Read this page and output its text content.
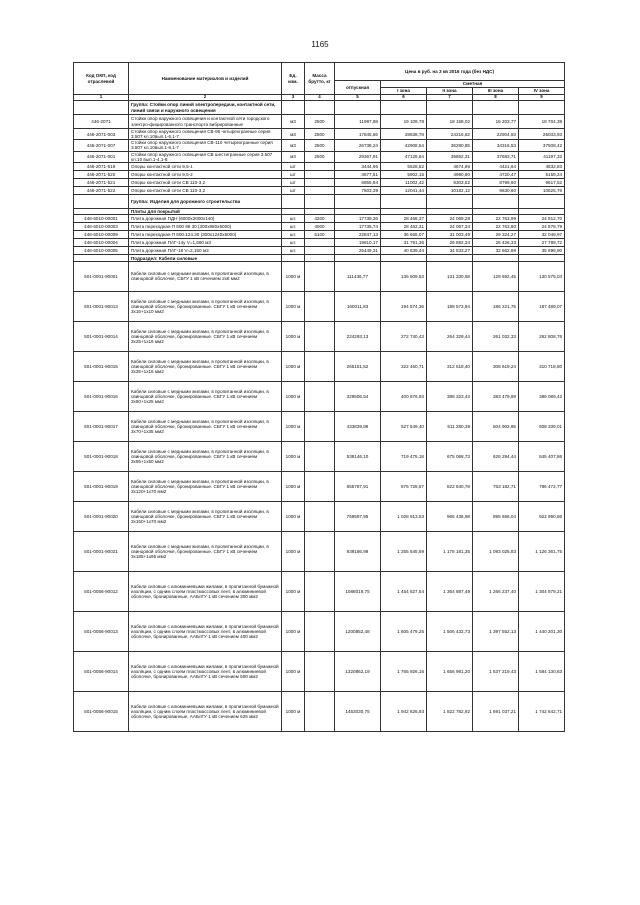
1165
Код ОКП, код отраслевой	Наименование материалов и изделий	Ед. изм.	Масса брутто, кг	Цена в руб. на 3 кв 2016 года (без НДС)				
				отпускная	Сметная			
					I зона	II зона	III зона	IV зона
1	2	3	4	5	6	7	8	9
	Группа: Стойки опор линий электропередачи, контактной сети, линий связи и наружного освещения							
446-2071	Стойки опор наружного освещения и контактной сети городского электро-фицированного транспорта вибрированные	м3	2500	11997,88	19 109,78	18 158,02	15 203,77	18 704,39
446-2071-003	Стойки опор наружного освещения СВ-95 четырехгранные серия 3.507 кл.10вып.1-6,1-7	м3	2500	17845,66	28638,78	24216,62	22904,93	25033,93
446-2071-007	Стойки опор наружного освещения СВ-110 четырехгранные серия 3.507 кл.10вып.1-6,1-7	м3	2500	26738,24	42908,54	36280,85	34316,53	37508,42
446-2071-001	Стойки опор наружного освещения СВ шестигранные серия 3.507 кл.10 вып.1-4,1-8	м3	2500	29367,91	47126,64	39852,31	37693,71	41197,32
446-2071-519	Опоры контактной сети 9,5-1	шт		3444,96	5528,52	4674,86	4421,64	4832,83
446-2071-520	Опоры контактной сети 9,5-2	шт		3677,51	5902,15	4990,80	4720,47	5159,24
446-2071-521	Опоры контактной сети СВ 110-3,2	шт		6855,94	11002,42	9303,52	8799,60	9617,52
446-2071-522	Опоры контактной сети СВ 110-3,2	шт		7503,39	12041,44	10182,12	9630,60	10525,76
	Группа: Изделия для дорожного строительства							
	Плиты для покрытий							
446-6010-00001	Плита дорожная ПДН (6000х2000х140)	шт.	4200	17739,26	28 468,37	24 069,28	22 763,99	24 912,70
446-6010-00003	Плита переходная П 600 98 30 (300х980х6000)	шт.	4000	17735,74	28 462,31	24 067,34	22 763,80	24 878,79
446-6010-00009	Плита переходная П 600.124.30 (300х1240х6000)	шт.	5100	22847,13	36 665,07	31 003,49	29 324,27	32 049,97
446-6010-00004	Плита дорожная ПАГ-14у V=1,680 м3	шт.		19810,17	31 791,36	26 882,34	25 426,33	27 789,72
446-6010-00005	Плита дорожная ПАГ-18 V=2,160 м3	шт.		25449,31	40 839,44	34 533,27	32 662,88	35 698,90
	Подраздел: Кабели силовые							
501-0001-90001	Кабели силовые с медными жилами, в пропитанной изоляции, в свинцовой оболочке, СБГУ 1 кВ сечением 2х6 мм2	1000 м		111436,77	135 509,53	131 330,58	129 692,45	130 575,04
501-0001-90013	Кабели силовые с медными жилами, в пропитанной изоляции, в свинцовой оболочке, бронированные. СБГУ 1 кВ сечением 3х16+1х10 мм2	1000 м		160011,83	194 574,36	188 573,94	186 221,75	187 489,07
501-0001-90014	Кабели силовые с медными жилами, в пропитанной изоляции, в свинцовой оболочке, бронированные. СБГУ 1 кВ сечением 3х25+1х16 мм2	1000 м		224293,13	272 740,43	264 329,44	261 032,33	262 808,76
501-0001-90015	Кабели силовые с медными жилами, в пропитанной изоляции, в свинцовой оболочке, бронированные. СБГУ 1 кВ сечением 3х35+1х16 мм2	1000 м		265151,52	322 460,71	312 518,40	308 619,24	310 718,80
501-0001-90016	Кабели силовые с медными жилами, в пропитанной изоляции, в свинцовой оболочке, бронированные. СБГУ 1 кВ сечением 3х50+1х25 мм2	1000 м		329506,54	400 676,93	388 323,43	383 479,69	386 089,42
501-0001-90017	Кабели силовые с медными жилами, в пропитанной изоляции, в свинцовой оболочке, бронированные. СБГУ 1 кВ сечением 3х70+1х35 мм2	1000 м		433839,98	527 549,40	511 280,39	504 902,95	508 339,01
501-0001-90018	Кабели силовые с медными жилами, в пропитанной изоляции, в свинцовой оболочке, бронированные. СБГУ 1 кВ сечением 3х95+1х50 мм2	1000 м		538146,10	719 475,18	675 068,73	626 294,44	645 407,86
501-0001-90019	Кабели силовые с медными жилами, в пропитанной изоляции, в свинцовой оболочке, бронированные. СБГУ 1 кВ сечением 3х120+1х70 мм2	1000 м		655787,91	876 728,67	822 840,78	763 182,71	786 472,77
501-0001-90020	Кабели силовые с медными жилами, в пропитанной изоляции, в свинцовой оболочке, бронированные. СБГУ 1 кВ сечением 3х150+1х70 мм2	1000 м		769597,95	1 028 913,53	965 436,98	895 656,04	922 990,86
501-0001-90021	Кабели силовые с медными жилами, в пропитанной изоляции, в свинцовой оболочке, бронированные. СБГУ 1 кВ сечением 3х185+1х95 мм2	1000 м		939186,99	1 255 645,69	1 178 181,35	1 093 025,83	1 126 361,75
501-0056-90012	Кабели силовые с алюминиевыми жилами, в пропитанной бумажной изоляции, с одним слоем пластмассовых лент, в алюминиевой оболочке, бронированные. ААБлГУ 1 кВ сечением 300 мм2	1000 м		1088019,75	1 454 627,54	1 364 887,49	1 266 237,40	1 304 879,21
501-0056-90013	Кабели силовые с алюминиевыми жилами, в пропитанной бумажной изоляции, с одним слоем пластмассовых лент, в алюминиевой оболочке, бронированные. ААБлГУ 1 кВ сечением 400 мм2	1000 м		1200852,48	1 605 479,25	1 506 432,73	1 397 552,13	1 440 201,30
501-0056-90014	Кабели силовые с алюминиевыми жилами, в пропитанной бумажной изоляции, с одним слоем пластмассовых лент, в алюминиевой оболочке, бронированные. ААБлГУ 1 кВ сечением 500 мм2	1000 м		1320862,19	1 765 926,16	1 656 981,20	1 537 219,43	1 584 130,83
501-0056-90015	Кабели силовые с алюминиевыми жилами, в пропитанной бумажной изоляции, с одним слоем пластмассовых лент, в алюминиевой оболочке, бронированные. ААБлГУ 1 кВ сечением 625 мм2	1000 м		1453030,75	1 942 626,93	1 822 782,92	1 691 037,21	1 742 642,71
